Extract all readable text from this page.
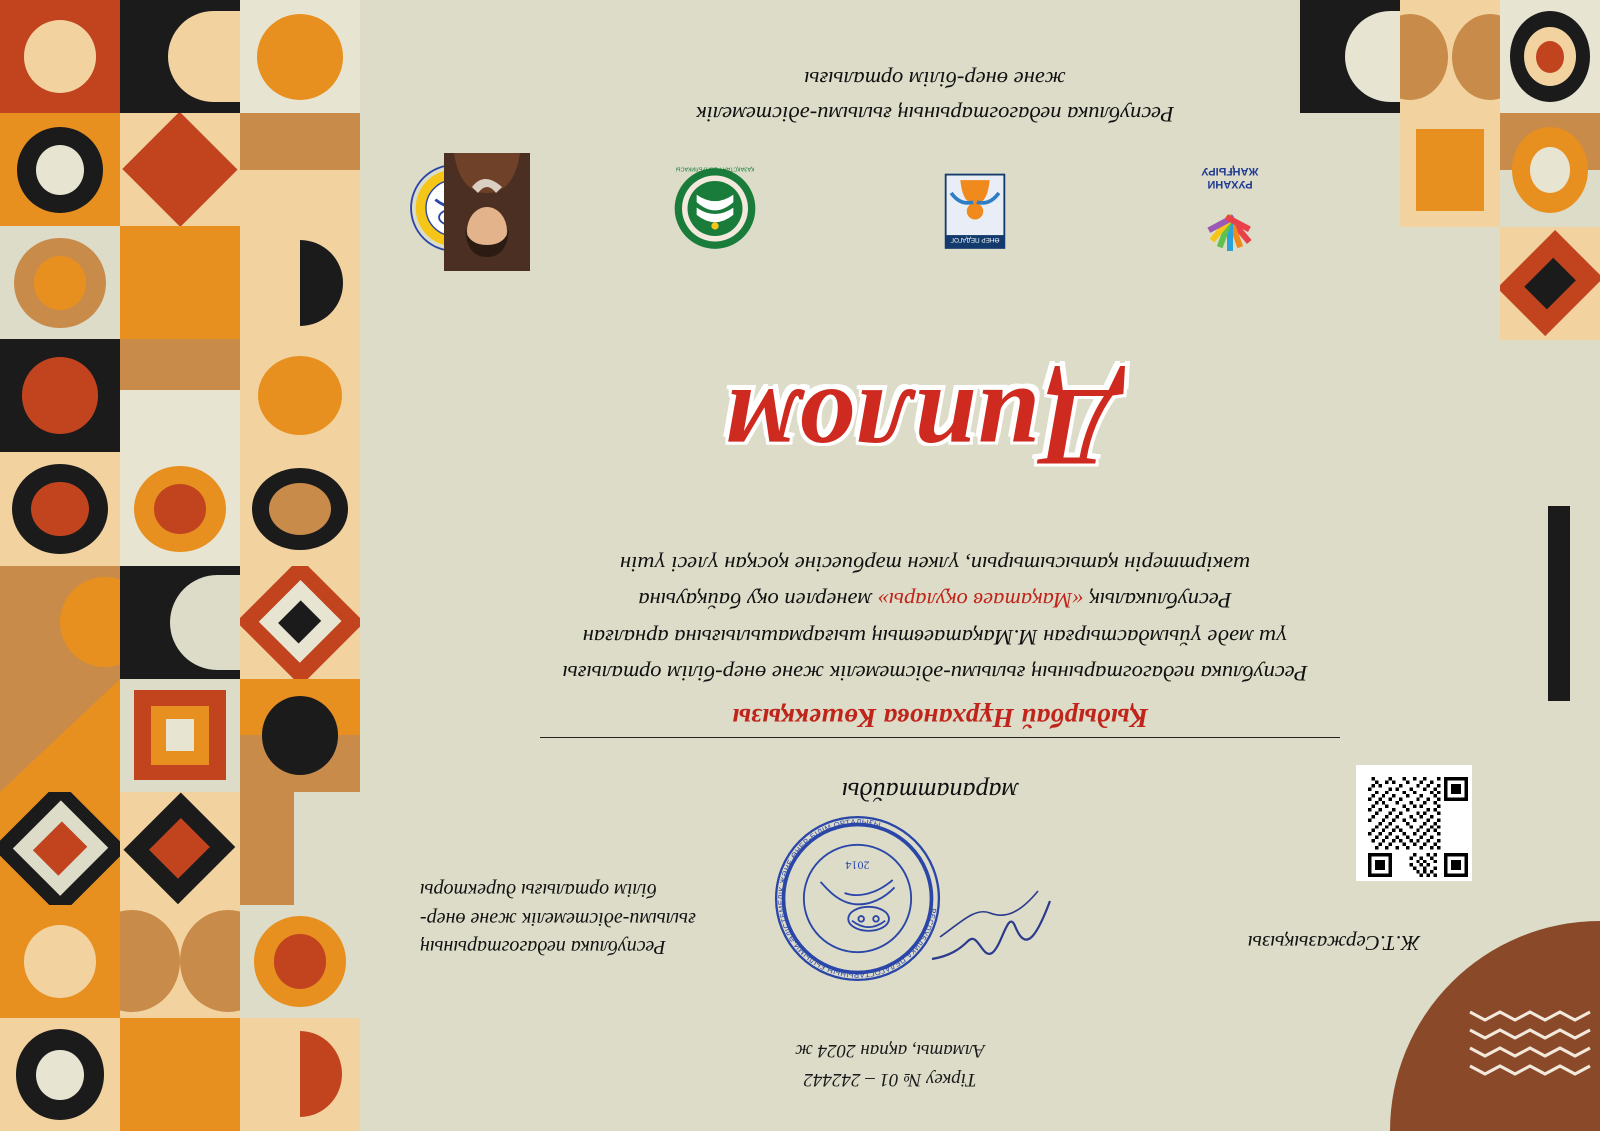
Тіркеу № 01 – 242442
Алматы, ақпан 2024 ж
РЕСПУБЛИКА ПЕДАГОГТАРЫНЫҢ ҒЫЛЫМИ-ӘДІСТЕМЕЛІК ЖӘНЕ ӨНЕР-БІЛІМ ОРТАЛЫҒЫ
2014
Республика педагогтарының
ғылыми-әдістемелік және өнер-
білім орталығы директоры
Ж.Т.Сержазықызы
марапаттайды
Қыдырбай Нұрханова Көшекқызы
Республика педагогтарының ғылыми-әдістемелік және өнер-білім орталығы
үш мәде үйымдастырған М.Мақатаевтың шығармашылығына арналған
Республикалық «Мақатаев оқулары» мәнерлеп оқу байқауына
шәкірттерін қатысытырып, үлкен тәрбиесіне қосқан үлесі үшін
Диплом
РУХАНИ
ЖАҢҒЫРУ
ӨНЕР ПЕДАГОГ
ҚАЗАҚСТАН РЕСПУБЛИКАСЫ
Республика педагогтарының ғылыми-әдістемелік
және өнер-білім орталығы
